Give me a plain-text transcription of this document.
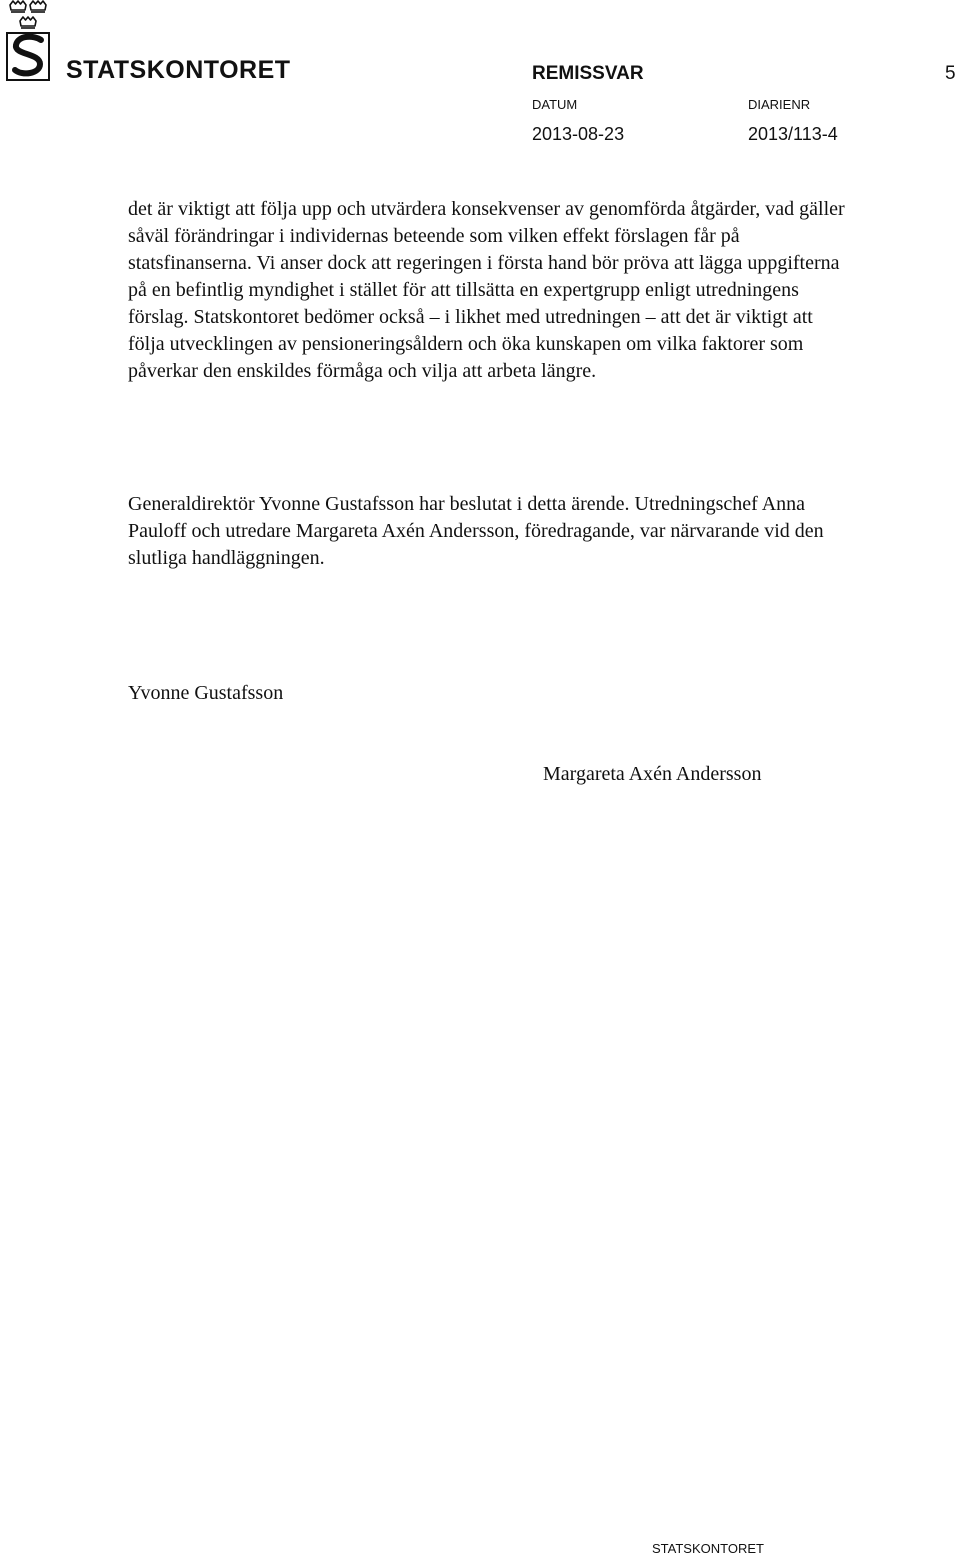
STATSKONTORET	REMISSVAR	5
DATUM	DIARIENR
2013-08-23	2013/113-4

det är viktigt att följa upp och utvärdera konsekvenser av genomförda åtgärder, vad gäller såväl förändringar i individernas beteende som vilken effekt förslagen får på statsfinanserna. Vi anser dock att regeringen i första hand bör pröva att lägga uppgifterna på en befintlig myndighet i stället för att tillsätta en expertgrupp enligt utredningens förslag. Statskontoret bedömer också – i likhet med utredningen – att det är viktigt att följa utvecklingen av pensioneringsåldern och öka kunskapen om vilka faktorer som påverkar den enskildes förmåga och vilja att arbeta längre.

Generaldirektör Yvonne Gustafsson har beslutat i detta ärende. Utredningschef Anna Pauloff och utredare Margareta Axén Andersson, föredragande, var närvarande vid den slutliga handläggningen.

Yvonne Gustafsson
Margareta Axén Andersson
STATSKONTORET
